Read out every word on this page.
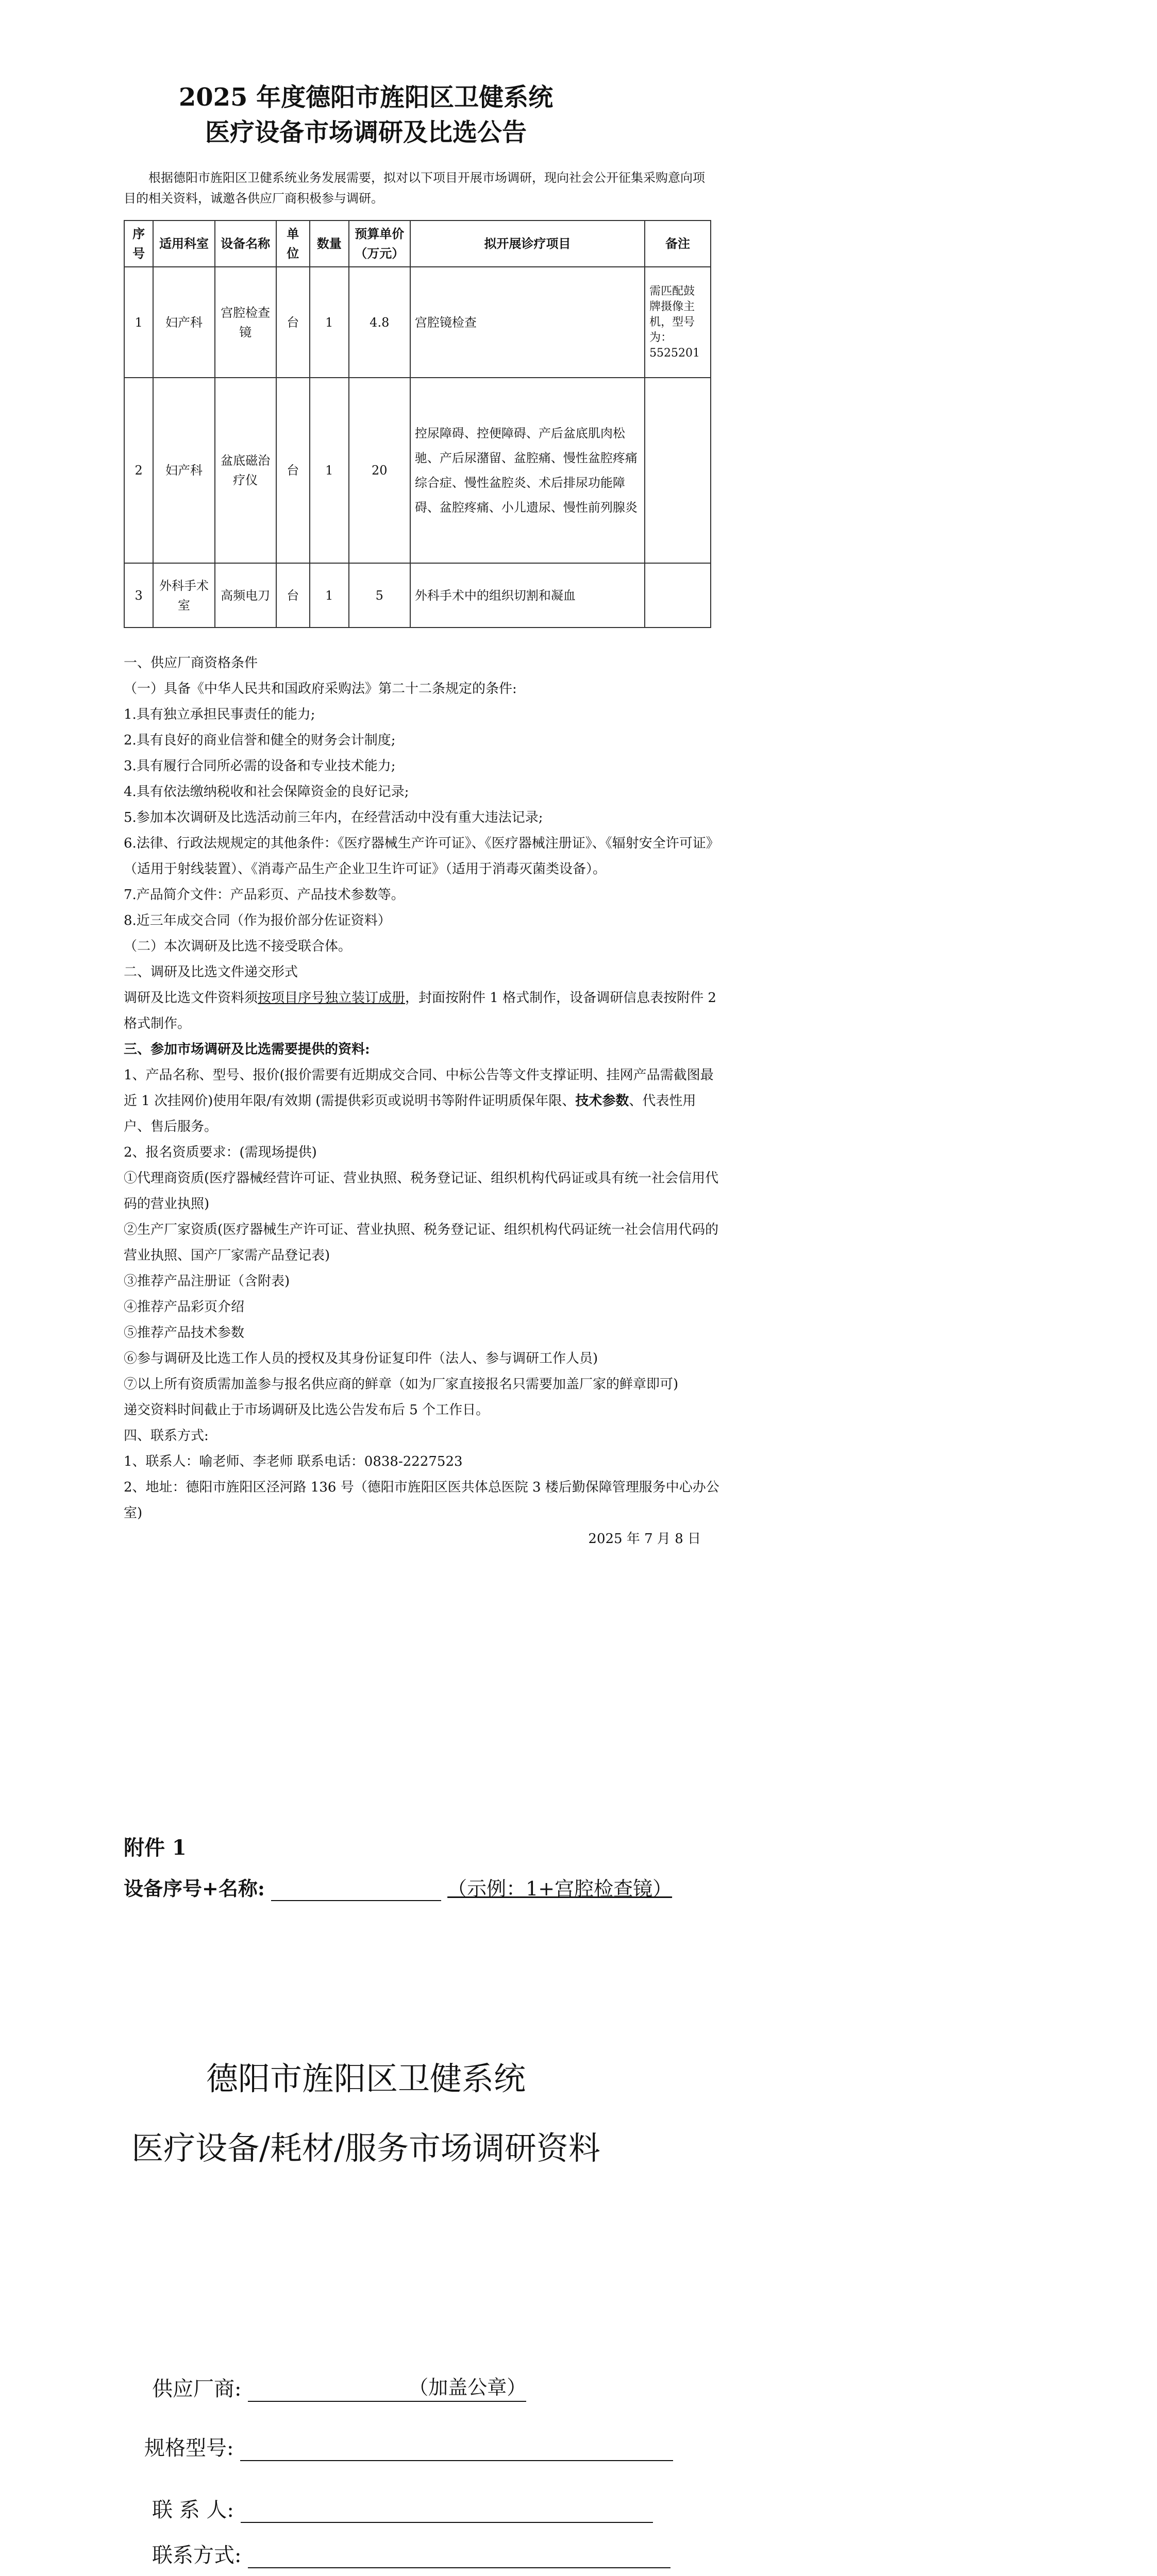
2025 年度德阳市旌阳区卫健系统
医疗设备市场调研及比选公告
根据德阳市旌阳区卫健系统业务发展需要，拟对以下项目开展市场调研，现向社会公开征集采购意向项目的相关资料，诚邀各供应厂商积极参与调研。
序号	适用科室	设备名称	单位	数量	预算单价（万元）	拟开展诊疗项目	备注
1	妇产科	宫腔检查镜	台	1	4.8	宫腔镜检查	需匹配鼓牌摄像主机，型号为：5525201
2	妇产科	盆底磁治疗仪	台	1	20	控尿障碍、控便障碍、产后盆底肌肉松驰、产后尿潴留、盆腔痛、慢性盆腔疼痛综合症、慢性盆腔炎、术后排尿功能障碍、盆腔疼痛、小儿遗尿、慢性前列腺炎	
3	外科手术室	高频电刀	台	1	5	外科手术中的组织切割和凝血	
一、供应厂商资格条件
（一）具备《中华人民共和国政府采购法》第二十二条规定的条件:
1.具有独立承担民事责任的能力;
2.具有良好的商业信誉和健全的财务会计制度;
3.具有履行合同所必需的设备和专业技术能力;
4.具有依法缴纳税收和社会保障资金的良好记录;
5.参加本次调研及比选活动前三年内，在经营活动中没有重大违法记录;
6.法律、行政法规规定的其他条件：《医疗器械生产许可证》、《医疗器械注册证》、《辐射安全许可证》（适用于射线装置）、《消毒产品生产企业卫生许可证》（适用于消毒灭菌类设备）。
7.产品简介文件：产品彩页、产品技术参数等。
8.近三年成交合同（作为报价部分佐证资料）
（二）本次调研及比选不接受联合体。
二、调研及比选文件递交形式
调研及比选文件资料须按项目序号独立装订成册，封面按附件 1 格式制作，设备调研信息表按附件 2 格式制作。
三、参加市场调研及比选需要提供的资料:
1、产品名称、型号、报价(报价需要有近期成交合同、中标公告等文件支撑证明、挂网产品需截图最近 1 次挂网价)使用年限/有效期 (需提供彩页或说明书等附件证明质保年限、技术参数、代表性用户、售后服务。
2、报名资质要求：(需现场提供)
①代理商资质(医疗器械经营许可证、营业执照、税务登记证、组织机构代码证或具有统一社会信用代码的营业执照)
②生产厂家资质(医疗器械生产许可证、营业执照、税务登记证、组织机构代码证统一社会信用代码的营业执照、国产厂家需产品登记表)
③推荐产品注册证（含附表)
④推荐产品彩页介绍
⑤推荐产品技术参数
⑥参与调研及比选工作人员的授权及其身份证复印件（法人、参与调研工作人员)
⑦以上所有资质需加盖参与报名供应商的鲜章（如为厂家直接报名只需要加盖厂家的鲜章即可)
递交资料时间截止于市场调研及比选公告发布后 5 个工作日。
四、联系方式:
1、联系人：喻老师、李老师 联系电话：0838-2227523
2、地址：德阳市旌阳区泾河路 136 号（德阳市旌阳区医共体总医院 3 楼后勤保障管理服务中心办公室)
2025 年 7 月 8 日
附件 1
设备序号+名称:	（示例：1+宫腔检查镜）
德阳市旌阳区卫健系统
医疗设备/耗材/服务市场调研资料
供应厂商:	（加盖公章）
规格型号:
联 系 人:
联系方式:
